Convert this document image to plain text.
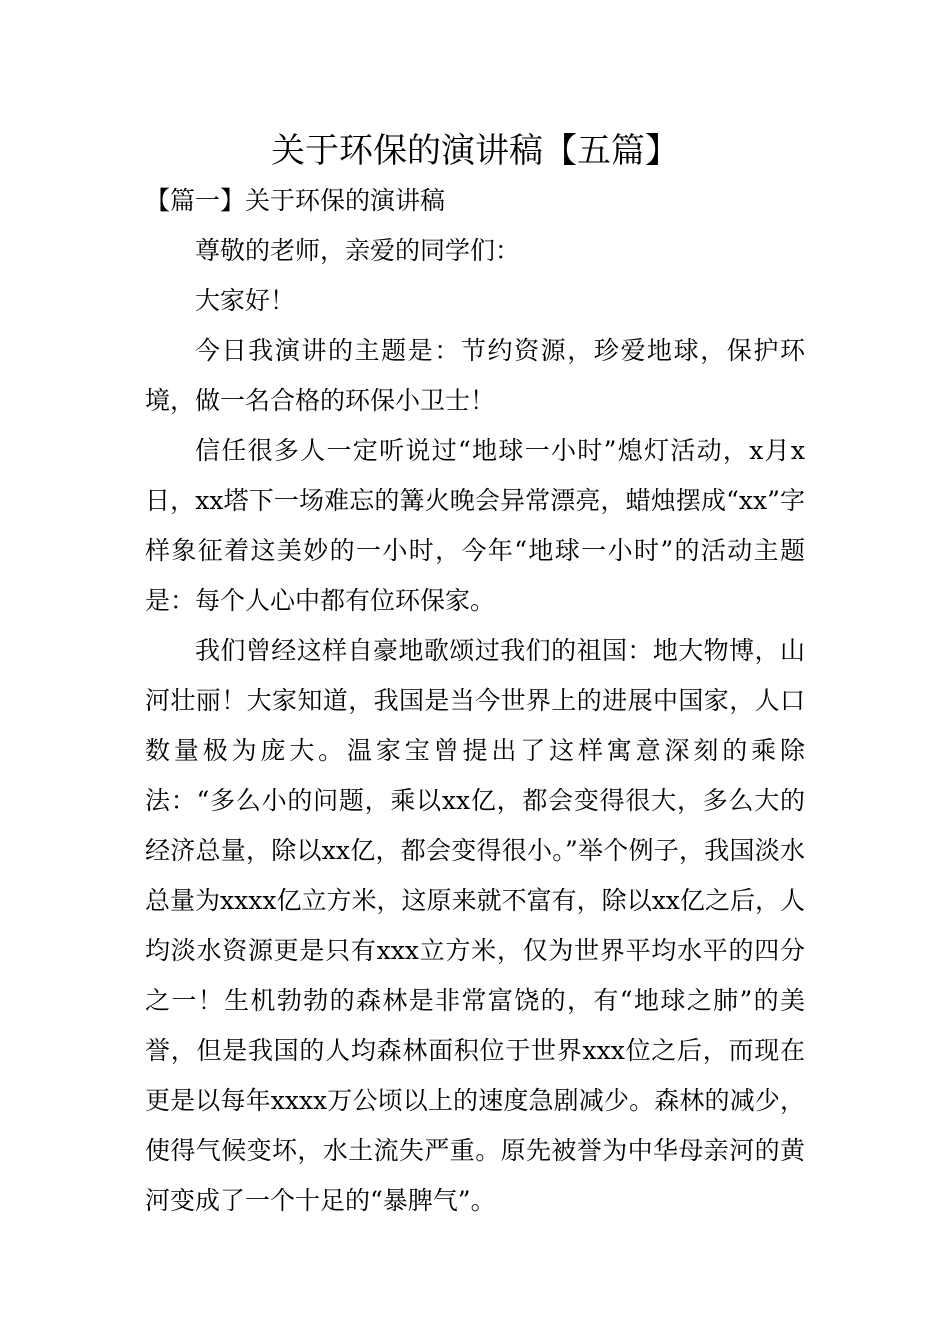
关于环保的演讲稿【五篇】
【篇一】关于环保的演讲稿

尊敬的老师，亲爱的同学们：

大家好！

今日我演讲的主题是：节约资源，珍爱地球，保护环境，做一名合格的环保小卫士！

信任很多人一定听说过“地球一小时”熄灯活动，x月x日，xx塔下一场难忘的篝火晚会异常漂亮，蜡烛摆成“xx”字样象征着这美妙的一小时，今年“地球一小时”的活动主题是：每个人心中都有位环保家。

我们曾经这样自豪地歌颂过我们的祖国：地大物博，山河壮丽！大家知道，我国是当今世界上的进展中国家，人口数量极为庞大。温家宝曾提出了这样寓意深刻的乘除法：“多么小的问题，乘以xx亿，都会变得很大，多么大的经济总量，除以xx亿，都会变得很小。”举个例子，我国淡水总量为xxxx亿立方米，这原来就不富有，除以xx亿之后，人均淡水资源更是只有xxx立方米，仅为世界平均水平的四分之一！生机勃勃的森林是非常富饶的，有“地球之肺”的美誉，但是我国的人均森林面积位于世界xxx位之后，而现在更是以每年xxxx万公顷以上的速度急剧减少。森林的减少，使得气候变坏，水土流失严重。原先被誉为中华母亲河的黄河变成了一个十足的“暴脾气”。
